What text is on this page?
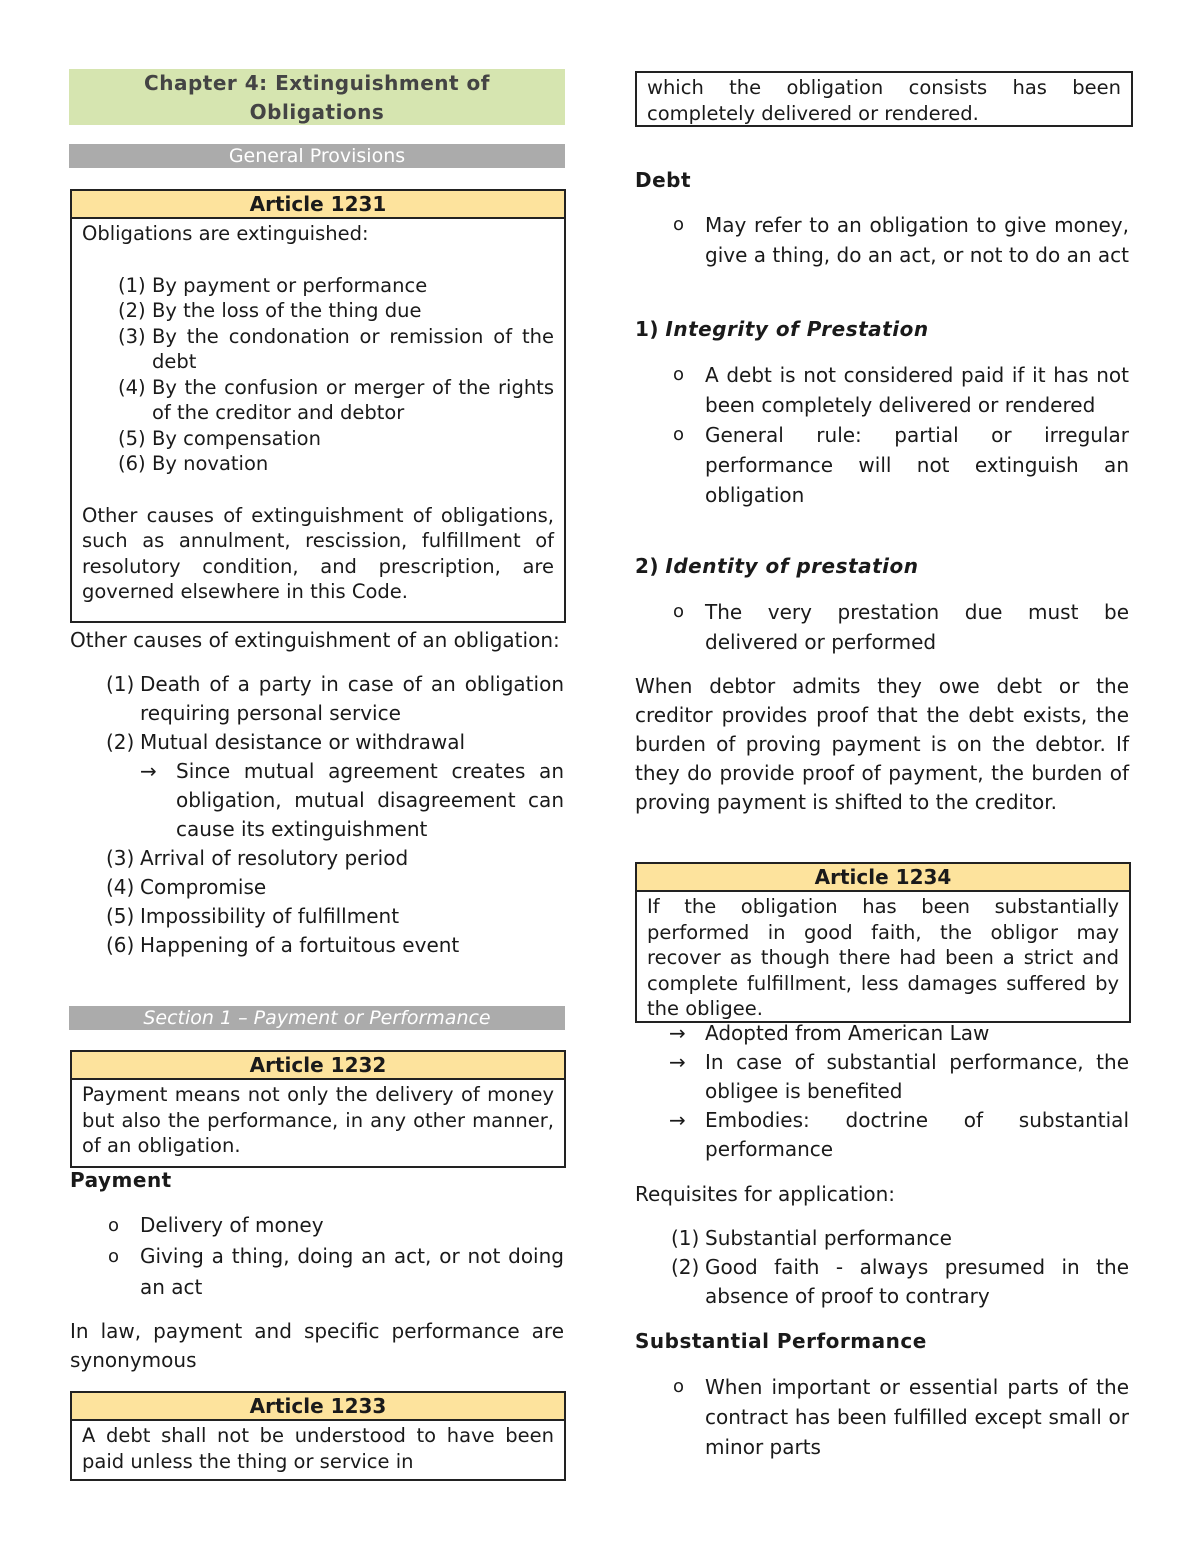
Chapter 4: Extinguishment of Obligations
General Provisions
Article 1231
Obligations are extinguished:
(1) By payment or performance
(2) By the loss of the thing due
(3) By the condonation or remission of the debt
(4) By the confusion or merger of the rights of the creditor and debtor
(5) By compensation
(6) By novation
Other causes of extinguishment of obligations, such as annulment, rescission, fulfillment of resolutory condition, and prescription, are governed elsewhere in this Code.
Other causes of extinguishment of an obligation:
(1) Death of a party in case of an obligation requiring personal service
(2) Mutual desistance or withdrawal
→ Since mutual agreement creates an obligation, mutual disagreement can cause its extinguishment
(3) Arrival of resolutory period
(4) Compromise
(5) Impossibility of fulfillment
(6) Happening of a fortuitous event
Section 1 – Payment or Performance
Article 1232
Payment means not only the delivery of money but also the performance, in any other manner, of an obligation.
Payment
o Delivery of money
o Giving a thing, doing an act, or not doing an act
In law, payment and specific performance are synonymous
Article 1233
A debt shall not be understood to have been paid unless the thing or service in
which the obligation consists has been completely delivered or rendered.
Debt
o May refer to an obligation to give money, give a thing, do an act, or not to do an act
1) Integrity of Prestation
o A debt is not considered paid if it has not been completely delivered or rendered
o General rule: partial or irregular performance will not extinguish an obligation
2) Identity of prestation
o The very prestation due must be delivered or performed
When debtor admits they owe debt or the creditor provides proof that the debt exists, the burden of proving payment is on the debtor. If they do provide proof of payment, the burden of proving payment is shifted to the creditor.
Article 1234
If the obligation has been substantially performed in good faith, the obligor may recover as though there had been a strict and complete fulfillment, less damages suffered by the obligee.
→ Adopted from American Law
→ In case of substantial performance, the obligee is benefited
→ Embodies: doctrine of substantial performance
Requisites for application:
(1) Substantial performance
(2) Good faith - always presumed in the absence of proof to contrary
Substantial Performance
o When important or essential parts of the contract has been fulfilled except small or minor parts
